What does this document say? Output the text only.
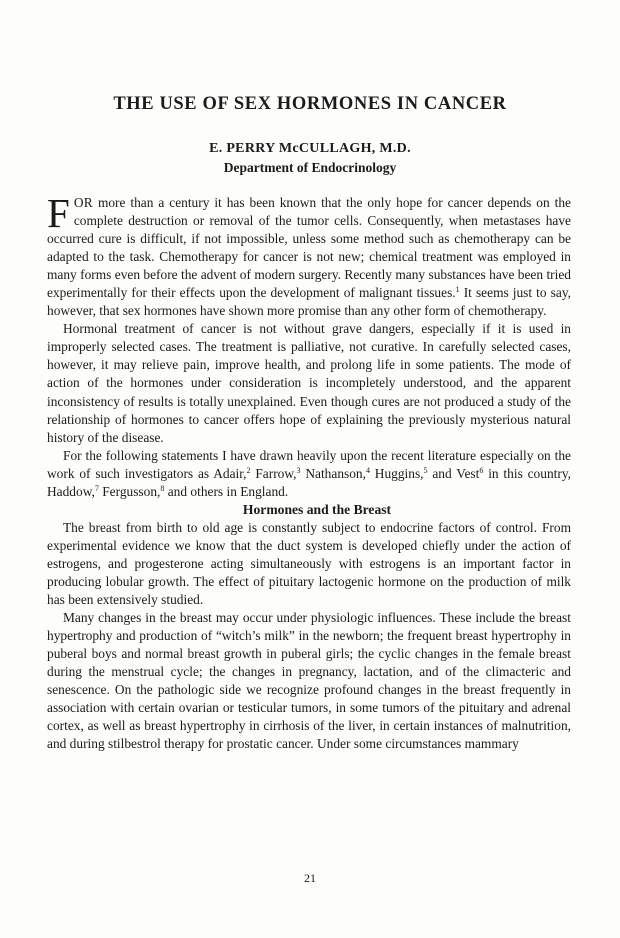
THE USE OF SEX HORMONES IN CANCER
E. PERRY McCULLAGH, M.D.
Department of Endocrinology

FOR more than a century it has been known that the only hope for cancer depends on the complete destruction or removal of the tumor cells. Consequently, when metastases have occurred cure is difficult, if not impossible, unless some method such as chemotherapy can be adapted to the task. Chemotherapy for cancer is not new; chemical treatment was employed in many forms even before the advent of modern surgery. Recently many substances have been tried experimentally for their effects upon the development of malignant tissues.$^1$ It seems just to say, however, that sex hormones have shown more promise than any other form of chemotherapy.

Hormonal treatment of cancer is not without grave dangers, especially if it is used in improperly selected cases. The treatment is palliative, not curative. In carefully selected cases, however, it may relieve pain, improve health, and prolong life in some patients. The mode of action of the hormones under consideration is incompletely understood, and the apparent inconsistency of results is totally unexplained. Even though cures are not produced a study of the relationship of hormones to cancer offers hope of explaining the previously mysterious natural history of the disease.

For the following statements I have drawn heavily upon the recent literature especially on the work of such investigators as Adair,$^2$ Farrow,$^3$ Nathanson,$^4$ Huggins,$^5$ and Vest$^6$ in this country, Haddow,$^7$ Fergusson,$^8$ and others in England.

Hormones and the Breast

The breast from birth to old age is constantly subject to endocrine factors of control. From experimental evidence we know that the duct system is developed chiefly under the action of estrogens, and progesterone acting simultaneously with estrogens is an important factor in producing lobular growth. The effect of pituitary lactogenic hormone on the production of milk has been extensively studied.

Many changes in the breast may occur under physiologic influences. These include the breast hypertrophy and production of “witch’s milk” in the newborn; the frequent breast hypertrophy in puberal boys and normal breast growth in puberal girls; the cyclic changes in the female breast during the menstrual cycle; the changes in pregnancy, lactation, and of the climacteric and senescence. On the pathologic side we recognize profound changes in the breast frequently in association with certain ovarian or testicular tumors, in some tumors of the pituitary and adrenal cortex, as well as breast hypertrophy in cirrhosis of the liver, in certain instances of malnutrition, and during stilbestrol therapy for prostatic cancer. Under some circumstances mammary

21
